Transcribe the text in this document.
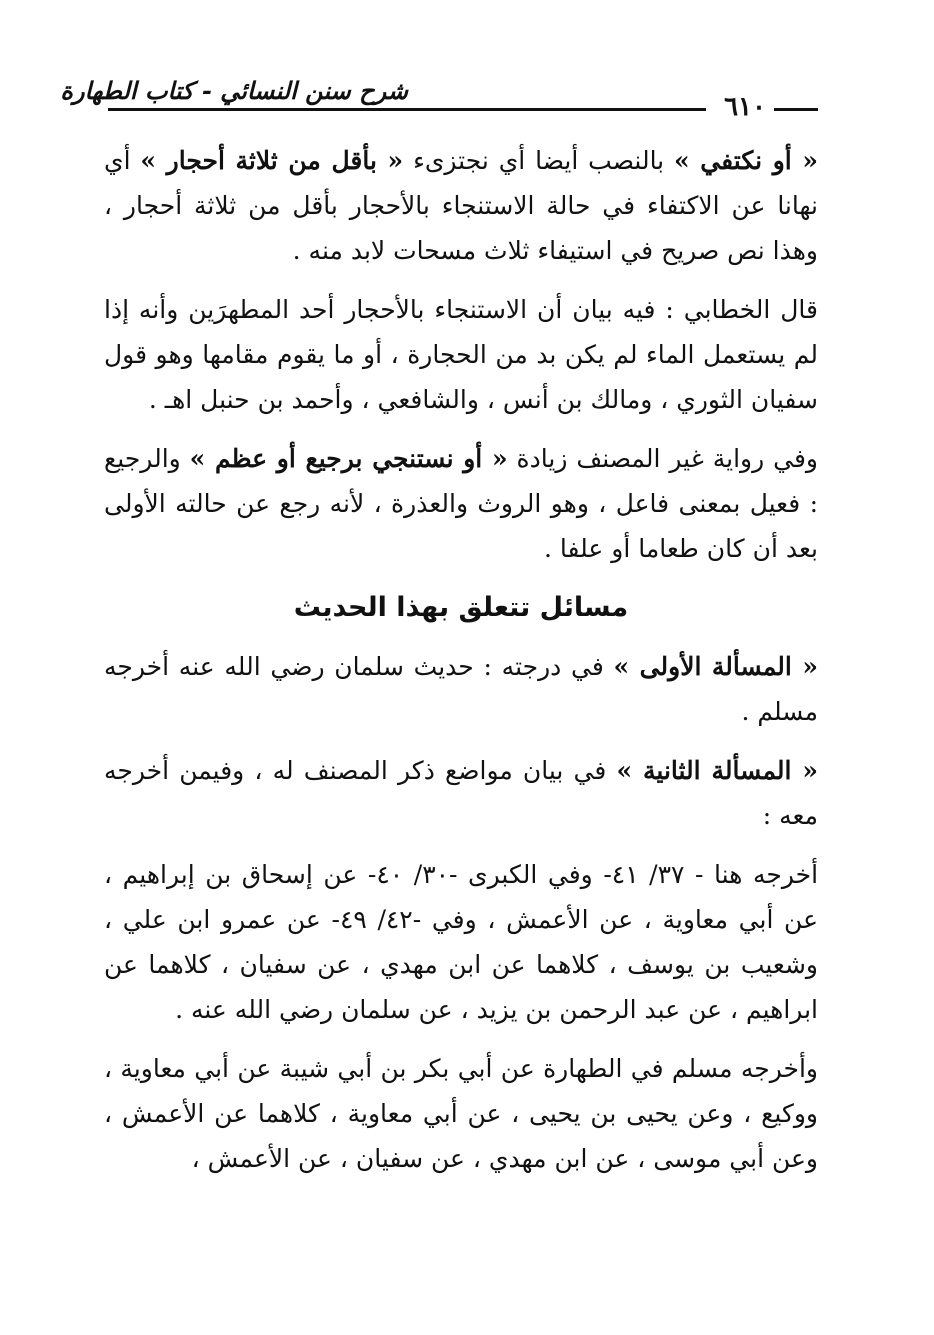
شرح سنن النسائي - كتاب الطهارة
٦١٠

« أو نكتفي » بالنصب أيضا أي نجتزىء « بأقل من ثلاثة أحجار » أي نهانا عن الاكتفاء في حالة الاستنجاء بالأحجار بأقل من ثلاثة أحجار ، وهذا نص صريح في استيفاء ثلاث مسحات لابد منه .

قال الخطابي : فيه بيان أن الاستنجاء بالأحجار أحد المطهرَين وأنه إذا لم يستعمل الماء لم يكن بد من الحجارة ، أو ما يقوم مقامها وهو قول سفيان الثوري ، ومالك بن أنس ، والشافعي ، وأحمد بن حنبل اهـ .

وفي رواية غير المصنف زيادة « أو نستنجي برجيع أو عظم » والرجيع : فعيل بمعنى فاعل ، وهو الروث والعذرة ، لأنه رجع عن حالته الأولى بعد أن كان طعاما أو علفا .

مسائل تتعلق بهذا الحديث

« المسألة الأولى » في درجته : حديث سلمان رضي الله عنه أخرجه مسلم .

« المسألة الثانية » في بيان مواضع ذكر المصنف له ، وفيمن أخرجه معه :

أخرجه هنا - ٣٧/ ٤١- وفي الكبرى -٣٠/ ٤٠- عن إسحاق بن إبراهيم ، عن أبي معاوية ، عن الأعمش ، وفي -٤٢/ ٤٩- عن عمرو ابن علي ، وشعيب بن يوسف ، كلاهما عن ابن مهدي ، عن سفيان ، كلاهما عن ابراهيم ، عن عبد الرحمن بن يزيد ، عن سلمان رضي الله عنه .

وأخرجه مسلم في الطهارة عن أبي بكر بن أبي شيبة عن أبي معاوية ، ووكيع ، وعن يحيى بن يحيى ، عن أبي معاوية ، كلاهما عن الأعمش ، وعن أبي موسى ، عن ابن مهدي ، عن سفيان ، عن الأعمش ،
